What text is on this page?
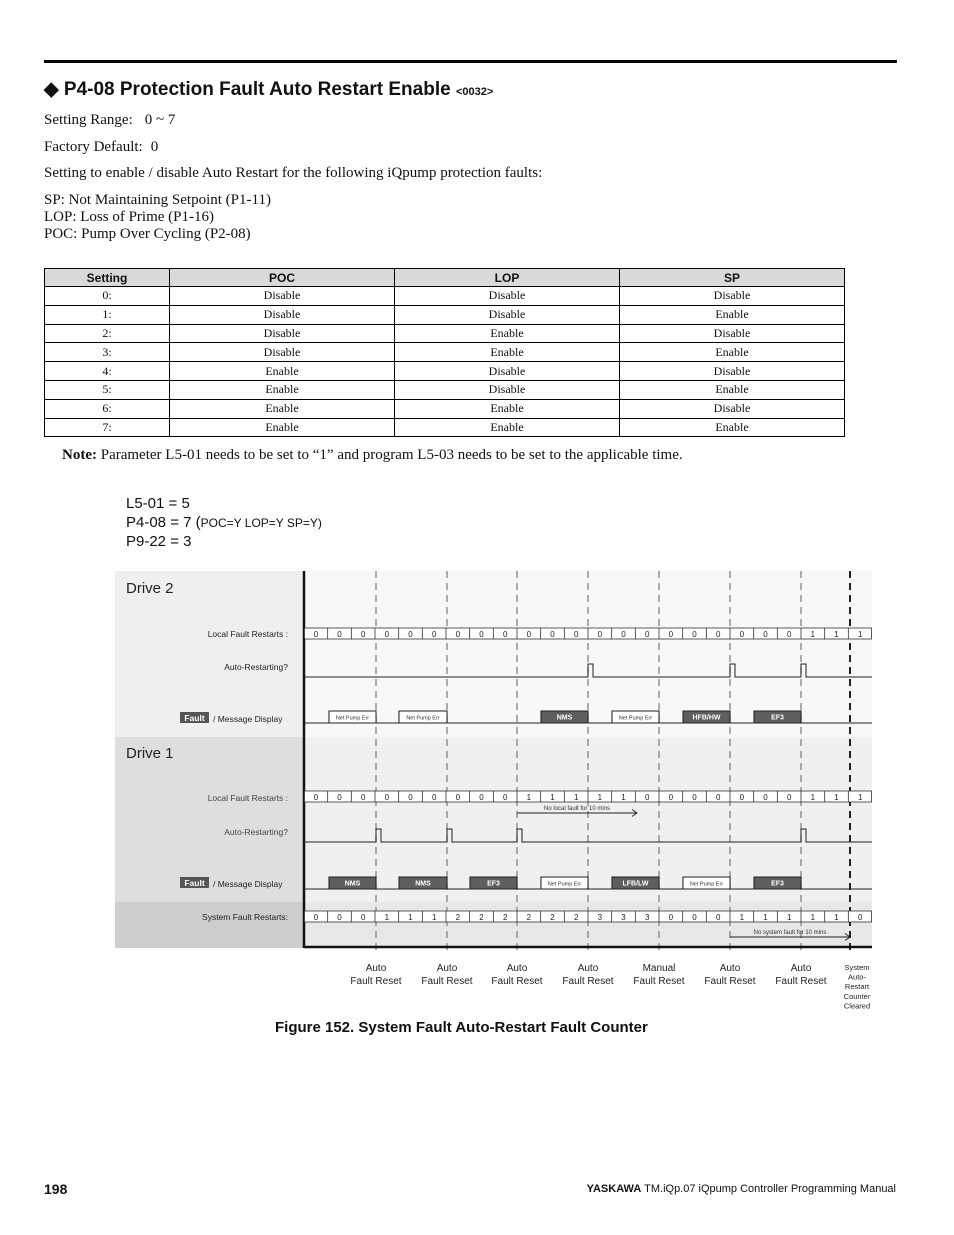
◆ P4-08 Protection Fault Auto Restart Enable <0032>
Setting Range: 0 ~ 7
Factory Default: 0
Setting to enable / disable Auto Restart for the following iQpump protection faults:
SP: Not Maintaining Setpoint (P1-11)
LOP: Loss of Prime (P1-16)
POC: Pump Over Cycling (P2-08)
Setting	POC	LOP	SP
0:	Disable	Disable	Disable
1:	Disable	Disable	Enable
2:	Disable	Enable	Disable
3:	Disable	Enable	Enable
4:	Enable	Disable	Disable
5:	Enable	Disable	Enable
6:	Enable	Enable	Disable
7:	Enable	Enable	Enable
Note: Parameter L5-01 needs to be set to “1” and program L5-03 needs to be set to the applicable time.
L5-01 = 5
P4-08 = 7 (POC=Y LOP=Y SP=Y)
P9-22 = 3
0 0 0 0 0 0 0 0 0 0 0 0 0 0 0 0 0 0 0 0 0 1 1 1
0 0 0 0 0 0 0 0 0 1 1 1 1 1 0 0 0 0 0 0 0 1 1 1
0 0 0 1 1 1 2 2 2 2 2 2 3 3 3 0 0 0 1 1 1 1 1 0
Net Pump Err	Net Pump Err	NMS	Net Pump Err	HFB/HW	EF3
NMS	NMS	EF3	Net Pump Err	LFB/LW	Net Pump Err	EF3
No local fault for 10 mins
No system fault for 10 mins
Drive 2
Drive 1
Local Fault Restarts :
Auto-Restarting?
Local Fault Restarts :
Auto-Restarting?
System Fault Restarts:
Fault / Message Display
Fault / Message Display
Auto
Fault Reset
Auto
Fault Reset
Auto
Fault Reset
Auto
Fault Reset
Manual
Fault Reset
Auto
Fault Reset
Auto
Fault Reset
System
Auto-
Restart
Counter
Cleared
Figure 152. System Fault Auto-Restart Fault Counter
198	YASKAWA TM.iQp.07 iQpump Controller Programming Manual
